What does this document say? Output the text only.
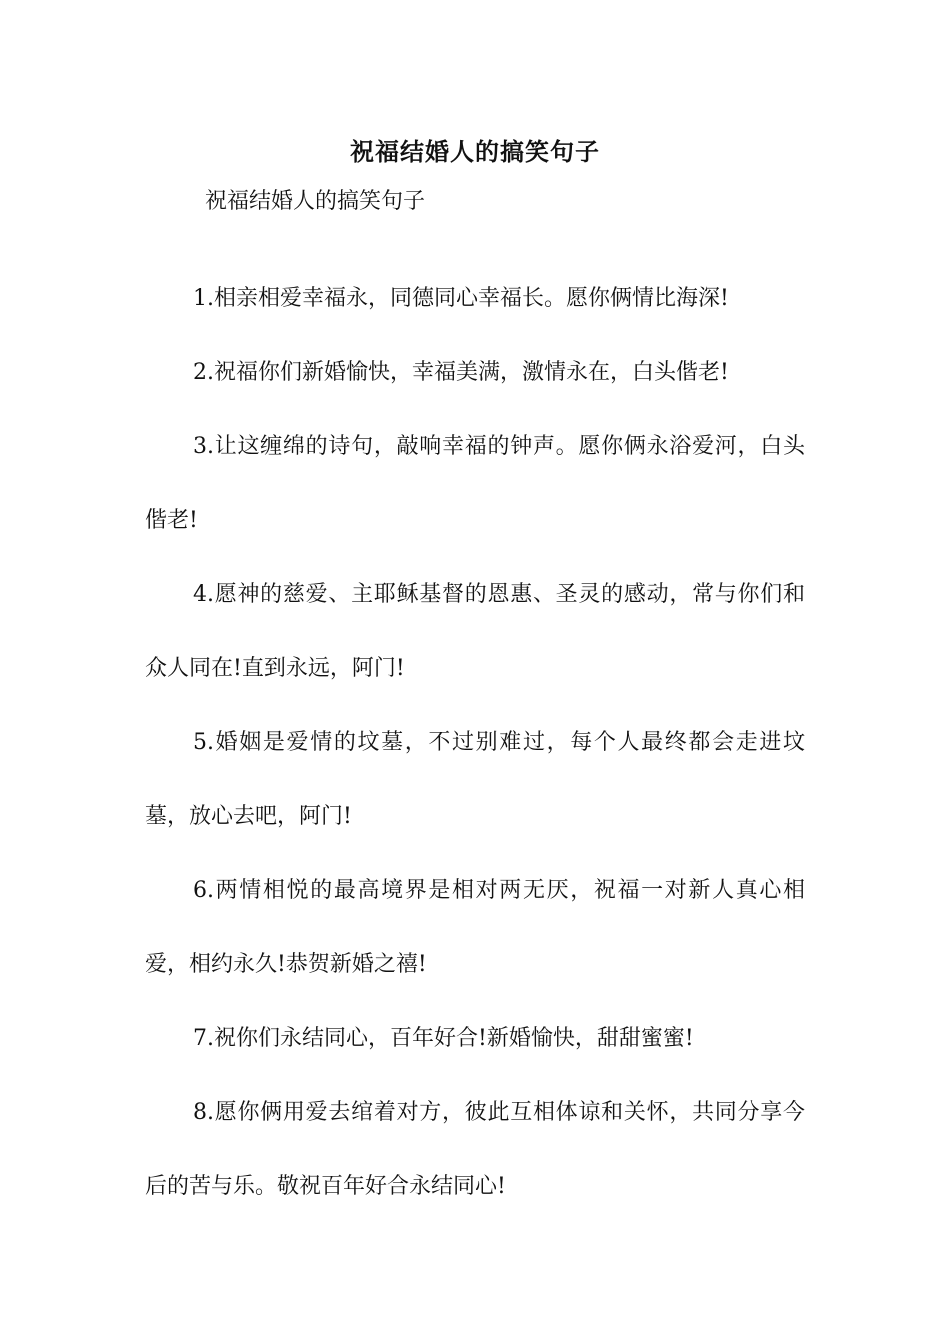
祝福结婚人的搞笑句子
祝福结婚人的搞笑句子

1.相亲相爱幸福永，同德同心幸福长。愿你俩情比海深!

2.祝福你们新婚愉快，幸福美满，激情永在，白头偕老!

3.让这缠绵的诗句，敲响幸福的钟声。愿你俩永浴爱河，白头偕老!

4.愿神的慈爱、主耶稣基督的恩惠、圣灵的感动，常与你们和众人同在!直到永远，阿门!

5.婚姻是爱情的坟墓，不过别难过，每个人最终都会走进坟墓，放心去吧，阿门!

6.两情相悦的最高境界是相对两无厌，祝福一对新人真心相爱，相约永久!恭贺新婚之禧!

7.祝你们永结同心，百年好合!新婚愉快，甜甜蜜蜜!

8.愿你俩用爱去绾着对方，彼此互相体谅和关怀，共同分享今后的苦与乐。敬祝百年好合永结同心!
